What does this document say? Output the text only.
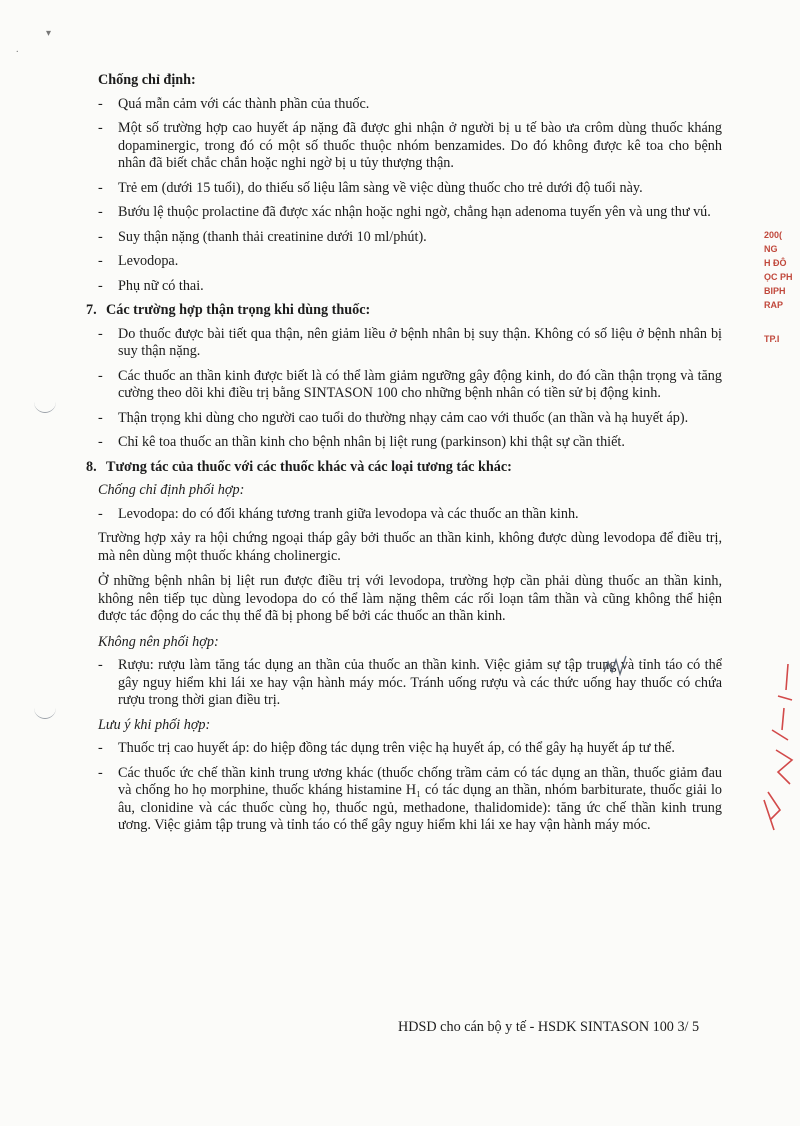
▾
.
Chống chỉ định:
- Quá mẫn cảm với các thành phần của thuốc.
- Một số trường hợp cao huyết áp nặng đã được ghi nhận ở người bị u tế bào ưa crôm dùng thuốc kháng dopaminergic, trong đó có một số thuốc thuộc nhóm benzamides. Do đó không được kê toa cho bệnh nhân đã biết chắc chắn hoặc nghi ngờ bị u tủy thượng thận.
- Trẻ em (dưới 15 tuổi), do thiếu số liệu lâm sàng về việc dùng thuốc cho trẻ dưới độ tuổi này.
- Bướu lệ thuộc prolactine đã được xác nhận hoặc nghi ngờ, chẳng hạn adenoma tuyến yên và ung thư vú.
- Suy thận nặng (thanh thải creatinine dưới 10 ml/phút).
- Levodopa.
- Phụ nữ có thai.
7. Các trường hợp thận trọng khi dùng thuốc:
- Do thuốc được bài tiết qua thận, nên giảm liều ở bệnh nhân bị suy thận. Không có số liệu ở bệnh nhân bị suy thận nặng.
- Các thuốc an thần kinh được biết là có thể làm giảm ngưỡng gây động kinh, do đó cần thận trọng và tăng cường theo dõi khi điều trị bằng SINTASON 100 cho những bệnh nhân có tiền sử bị động kinh.
- Thận trọng khi dùng cho người cao tuổi do thường nhạy cảm cao với thuốc (an thần và hạ huyết áp).
- Chỉ kê toa thuốc an thần kinh cho bệnh nhân bị liệt rung (parkinson) khi thật sự cần thiết.
8. Tương tác của thuốc với các thuốc khác và các loại tương tác khác:
Chống chỉ định phối hợp:
- Levodopa: do có đối kháng tương tranh giữa levodopa và các thuốc an thần kinh.

Trường hợp xảy ra hội chứng ngoại tháp gây bởi thuốc an thần kinh, không được dùng levodopa để điều trị, mà nên dùng một thuốc kháng cholinergic.

Ở những bệnh nhân bị liệt run được điều trị với levodopa, trường hợp cần phải dùng thuốc an thần kinh, không nên tiếp tục dùng levodopa do có thể làm nặng thêm các rối loạn tâm thần và cũng không thể hiện được tác động do các thụ thể đã bị phong bế bởi các thuốc an thần kinh.

Không nên phối hợp:
- Rượu: rượu làm tăng tác dụng an thần của thuốc an thần kinh. Việc giảm sự tập trung và tỉnh táo có thể gây nguy hiểm khi lái xe hay vận hành máy móc. Tránh uống rượu và các thức uống hay thuốc có chứa rượu trong thời gian điều trị.
Lưu ý khi phối hợp:
- Thuốc trị cao huyết áp: do hiệp đồng tác dụng trên việc hạ huyết áp, có thể gây hạ huyết áp tư thế.
- Các thuốc ức chế thần kinh trung ương khác (thuốc chống trầm cảm có tác dụng an thần, thuốc giảm đau và chống ho họ morphine, thuốc kháng histamine H₁ có tác dụng an thần, nhóm barbiturate, thuốc giải lo âu, clonidine và các thuốc cùng họ, thuốc ngủ, methadone, thalidomide): tăng ức chế thần kinh trung ương. Việc giảm tập trung và tỉnh táo có thể gây nguy hiểm khi lái xe hay vận hành máy móc.
HDSD cho cán bộ y tế - HSDK SINTASON 100 3/ 5
200(
NG
H ĐÔ
ỌC PH
BIPH
RAP
TP.I
